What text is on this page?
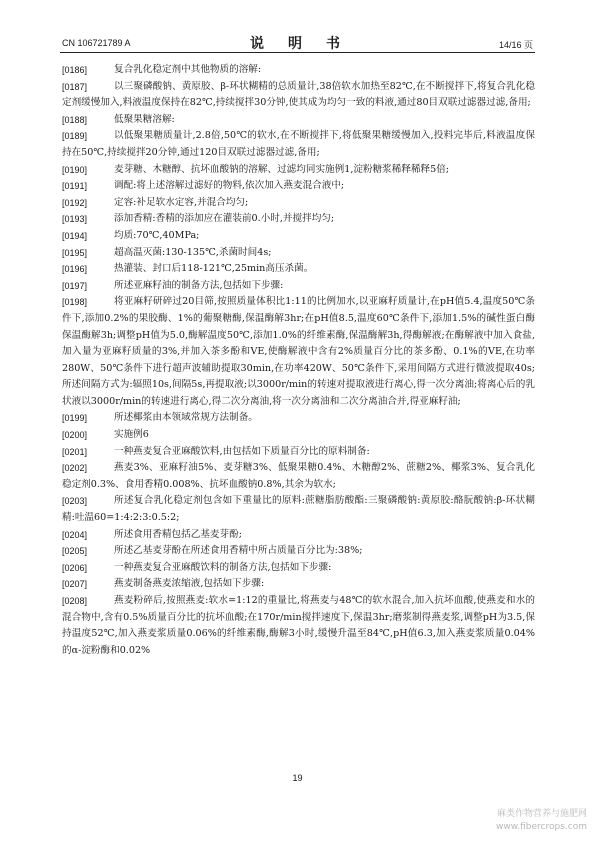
CN 106721789 A	说　明　书	14/16 页
[0186]	复合乳化稳定剂中其他物质的溶解:
[0187]	以三聚磷酸钠、黄原胶、β-环状糊精的总质量计,38倍软水加热至82℃,在不断搅拌下,将复合乳化稳定剂缓慢加入,料液温度保持在82℃,持续搅拌30分钟,使其成为均匀一致的料液,通过80目双联过滤器过滤,备用;
[0188]	低聚果糖溶解:
[0189]	以低聚果糖质量计,2.8倍,50℃的软水,在不断搅拌下,将低聚果糖缓慢加入,投料完毕后,料液温度保持在50℃,持续搅拌20分钟,通过120目双联过滤器过滤,备用;
[0190]	麦芽糖、木糖醇、抗坏血酸钠的溶解、过滤均同实施例1,淀粉糖浆稀释稀释5倍;
[0191]	调配:将上述溶解过滤好的物料,依次加入燕麦混合液中;
[0192]	定容:补足软水定容,并混合均匀;
[0193]	添加香精:香精的添加应在灌装前0.小时,并搅拌均匀;
[0194]	均质:70℃,40MPa;
[0195]	超高温灭菌:130-135℃,杀菌时间4s;
[0196]	热灌装、封口后118-121℃,25min高压杀菌。
[0197]	所述亚麻籽油的制备方法,包括如下步骤:
[0198]	将亚麻籽研碎过20目筛,按照质量体积比1:11的比例加水,以亚麻籽质量计,在pH值5.4,温度50℃条件下,添加0.2%的果胶酶、1%的葡聚糖酶,保温酶解3hr;在pH值8.5,温度60℃条件下,添加1.5%的碱性蛋白酶保温酶解3h;调整pH值为5.0,酶解温度50℃,添加1.0%的纤维素酶,保温酶解3h,得酶解液;在酶解液中加入食盐,加入量为亚麻籽质量的3%,并加入茶多酚和VE,使酶解液中含有2%质量百分比的茶多酚、0.1%的VE,在功率280W、50℃条件下进行超声波辅助提取30min,在功率420W、50℃条件下,采用间隔方式进行微波提取40s;所述间隔方式为:辐照10s,间隔5s,再提取液;以3000r/min的转速对提取液进行离心,得一次分离油;将离心后的乳状液以3000r/min的转速进行离心,得二次分离油,将一次分离油和二次分离油合并,得亚麻籽油;
[0199]	所述椰浆由本领域常规方法制备。
[0200]	实施例6
[0201]	一种燕麦复合亚麻酸饮料,由包括如下质量百分比的原料制备:
[0202]	燕麦3%、亚麻籽油5%、麦芽糖3%、低聚果糖0.4%、木糖醇2%、蔗糖2%、椰浆3%、复合乳化稳定剂0.3%、食用香精0.008%、抗坏血酸钠0.8%,其余为软水;
[0203]	所述复合乳化稳定剂包含如下重量比的原料:蔗糖脂肪酸酯:三聚磷酸钠:黄原胶:酪朊酸钠:β-环状糊精:吐温60=1:4:2:3:0.5:2;
[0204]	所述食用香精包括乙基麦芽酚;
[0205]	所述乙基麦芽酚在所述食用香精中所占质量百分比为:38%;
[0206]	一种燕麦复合亚麻酸饮料的制备方法,包括如下步骤:
[0207]	燕麦制备燕麦浓缩液,包括如下步骤:
[0208]	燕麦粉碎后,按照燕麦:软水=1:12的重量比,将燕麦与48℃的软水混合,加入抗坏血酸,使燕麦和水的混合物中,含有0.5%质量百分比的抗坏血酸;在170r/min搅拌速度下,保温3hr;磨浆制得燕麦浆,调整pH为3.5,保持温度52℃,加入燕麦浆质量0.06%的纤维素酶,酶解3小时,缓慢升温至84℃,pH值6.3,加入燕麦浆质量0.04%的α-淀粉酶和0.02%
19
麻类作物营养与施肥网
www.fibercrops.com
